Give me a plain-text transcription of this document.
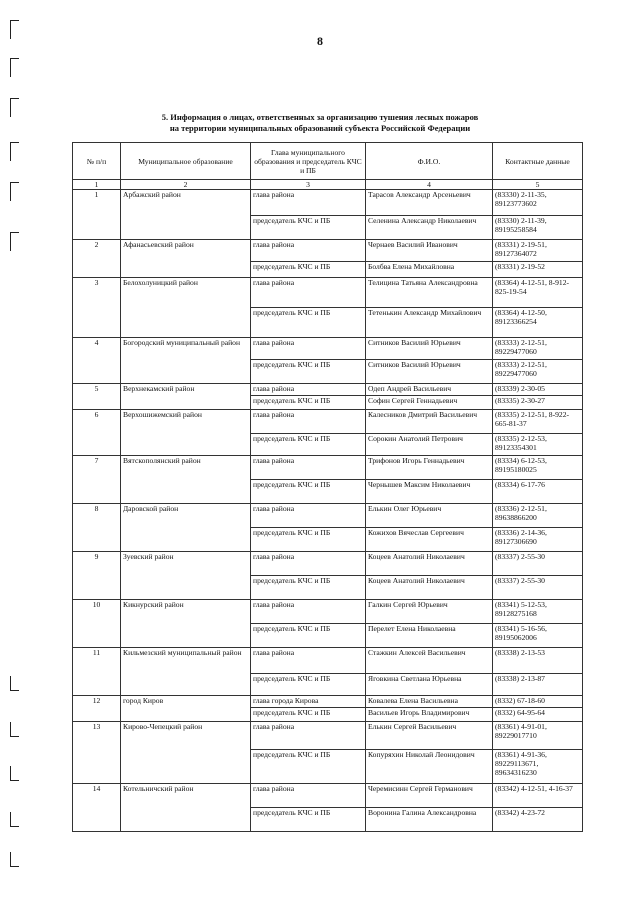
8
5. Информация о лицах, ответственных за организацию тушения лесных пожаров
на территории муниципальных образований субъекта Российской Федерации
№ п/п	Муниципальное образование	Глава муниципального образования и председатель КЧС и ПБ	Ф.И.О.	Контактные данные
1	2	3	4	5
1	Арбажский район	глава района	Тарасов Александр Арсеньевич	(83330) 2-11-35, 89123773602
		председатель КЧС и ПБ	Селенина Александр Николаевич	(83330) 2-11-39, 89195258584
2	Афанасьевский район	глава района	Чернаев Василий Иванович	(83331) 2-19-51, 89127364072
		председатель КЧС и ПБ	Болбва Елена Михайловна	(83331) 2-19-52
3	Белохолуницкий район	глава района	Телицина Татьяна Александровна	(83364) 4-12-51, 8-912-825-19-54
		председатель КЧС и ПБ	Тетенькин Александр Михайлович	(83364) 4-12-50, 89123366254
4	Богородский муниципальный район	глава района	Ситников Василий Юрьевич	(83333) 2-12-51, 89229477060
		председатель КЧС и ПБ	Ситников Василий Юрьевич	(83333) 2-12-51, 89229477060
5	Верхнекамский район	глава района	Одеп Андрей Васильевич	(83339) 2-30-05
		председатель КЧС и ПБ	Софин Сергей Геннадьевич	(83335) 2-30-27
6	Верхошижемский район	глава района	Калесников Дмитрий Васильевич	(83335) 2-12-51, 8-922-665-81-37
		председатель КЧС и ПБ	Сорокин Анатолий Петрович	(83335) 2-12-53, 89123354301
7	Вятскополянский район	глава района	Трифонов Игорь Геннадьевич	(83334) 6-12-53, 89195180025
		председатель КЧС и ПБ	Чернышев Максим Николаевич	(83334) 6-17-76
8	Даровской район	глава района	Елькин Олег Юрьевич	(83336) 2-12-51, 89638866200
		председатель КЧС и ПБ	Кожихов Вячеслав Сергеевич	(83336) 2-14-36, 89127306690
9	Зуевский район	глава района	Коцеев Анатолий Николаевич	(83337) 2-55-30
		председатель КЧС и ПБ	Коцеев Анатолий Николаевич	(83337) 2-55-30
10	Кикнурский район	глава района	Галкин Сергей Юрьевич	(83341) 5-12-53, 89128275168
		председатель КЧС и ПБ	Перелет Елена Николаевна	(83341) 5-16-56, 89195062006
11	Кильмезский муниципальный район	глава района	Стажкин Алексей Васильевич	(83338) 2-13-53
		председатель КЧС и ПБ	Яговкина Светлана Юрьевна	(83338) 2-13-87
12	город Киров	глава города Кирова	Ковалева Елена Васильевна	(8332) 67-18-60
		председатель КЧС и ПБ	Васильев Игорь Владимирович	(8332) 64-95-64
13	Кирово-Чепецкий район	глава района	Елькин Сергей Васильевич	(83361) 4-91-01, 89229017710
		председатель КЧС и ПБ	Копуряхин Николай Леонидович	(83361) 4-91-36, 89229113671, 89634316230
14	Котельничский район	глава района	Черемисинн Сергей Германович	(83342) 4-12-51, 4-16-37
		председатель КЧС и ПБ	Воронина Галина Александровна	(83342) 4-23-72
